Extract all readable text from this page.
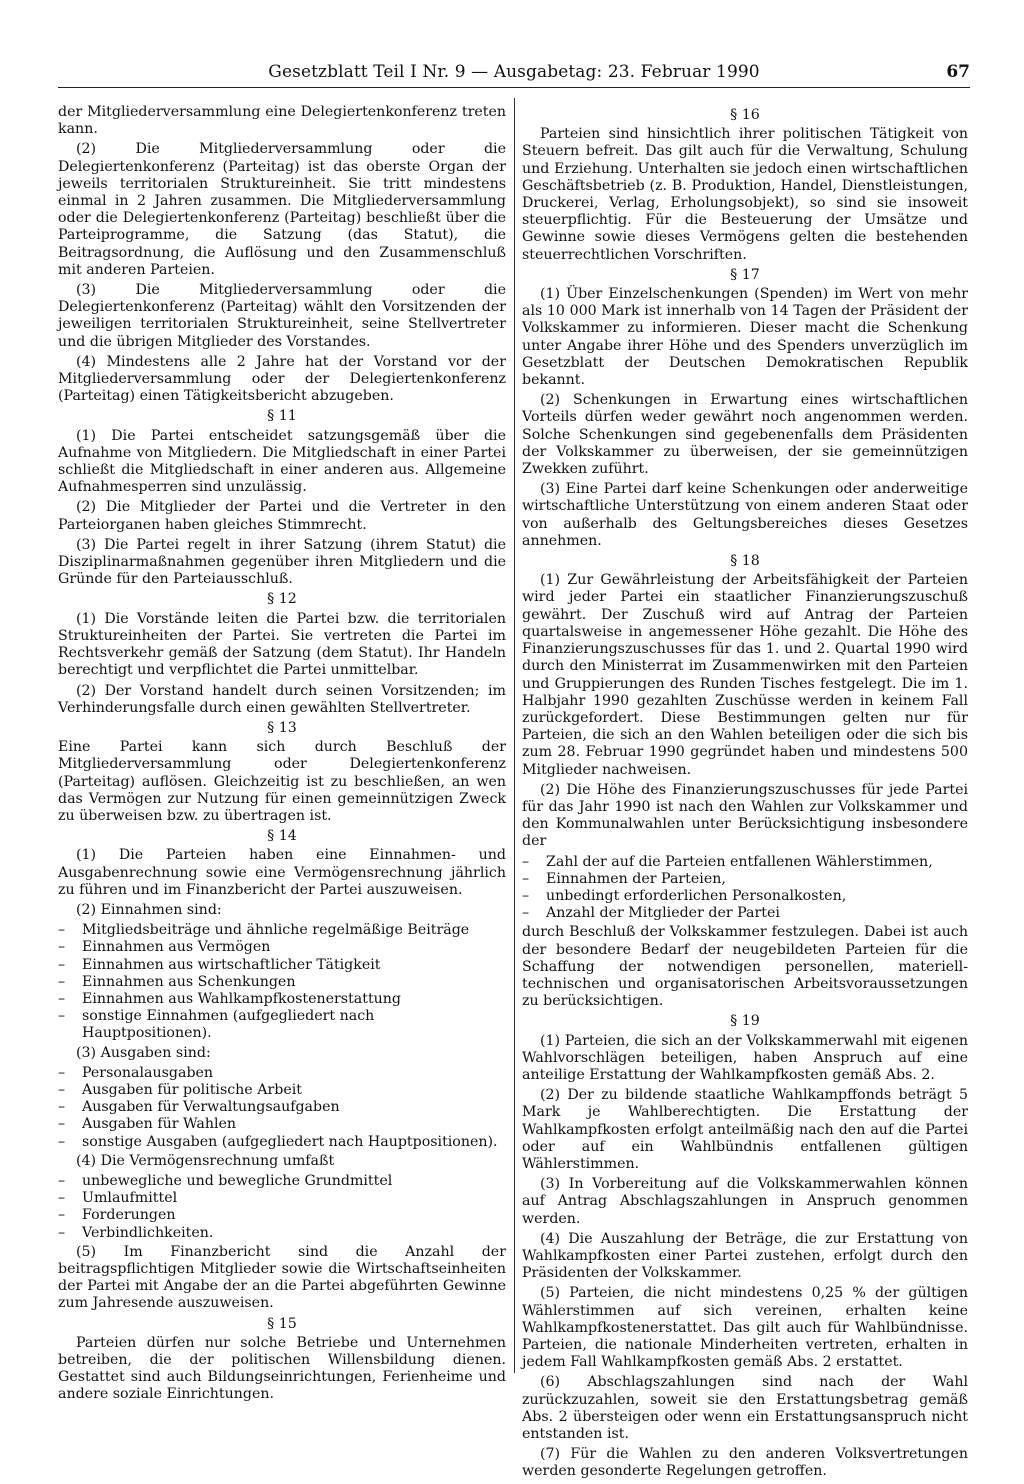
Gesetzblatt Teil I Nr. 9 — Ausgabetag: 23. Februar 1990	67

der Mitgliederversammlung eine Delegiertenkonferenz treten kann.

(2) Die Mitgliederversammlung oder die Delegiertenkonferenz (Parteitag) ist das oberste Organ der jeweils territorialen Struktureinheit. Sie tritt mindestens einmal in 2 Jahren zusammen. Die Mitgliederversammlung oder die Delegiertenkonferenz (Parteitag) beschließt über die Parteiprogramme, die Satzung (das Statut), die Beitragsordnung, die Auflösung und den Zusammenschluß mit anderen Parteien.

(3) Die Mitgliederversammlung oder die Delegiertenkonferenz (Parteitag) wählt den Vorsitzenden der jeweiligen territorialen Struktureinheit, seine Stellvertreter und die übrigen Mitglieder des Vorstandes.

(4) Mindestens alle 2 Jahre hat der Vorstand vor der Mitgliederversammlung oder der Delegiertenkonferenz (Parteitag) einen Tätigkeitsbericht abzugeben.

§ 11

(1) Die Partei entscheidet satzungsgemäß über die Aufnahme von Mitgliedern. Die Mitgliedschaft in einer Partei schließt die Mitgliedschaft in einer anderen aus. Allgemeine Aufnahmesperren sind unzulässig.

(2) Die Mitglieder der Partei und die Vertreter in den Parteiorganen haben gleiches Stimmrecht.

(3) Die Partei regelt in ihrer Satzung (ihrem Statut) die Disziplinarmaßnahmen gegenüber ihren Mitgliedern und die Gründe für den Parteiausschluß.

§ 12

(1) Die Vorstände leiten die Partei bzw. die territorialen Struktureinheiten der Partei. Sie vertreten die Partei im Rechtsverkehr gemäß der Satzung (dem Statut). Ihr Handeln berechtigt und verpflichtet die Partei unmittelbar.

(2) Der Vorstand handelt durch seinen Vorsitzenden; im Verhinderungsfalle durch einen gewählten Stellvertreter.

§ 13

Eine Partei kann sich durch Beschluß der Mitgliederversammlung oder Delegiertenkonferenz (Parteitag) auflösen. Gleichzeitig ist zu beschließen, an wen das Vermögen zur Nutzung für einen gemeinnützigen Zweck zu überweisen bzw. zu übertragen ist.

§ 14

(1) Die Parteien haben eine Einnahmen- und Ausgabenrechnung sowie eine Vermögensrechnung jährlich zu führen und im Finanzbericht der Partei auszuweisen.

(2) Einnahmen sind:

– Mitgliedsbeiträge und ähnliche regelmäßige Beiträge
– Einnahmen aus Vermögen
– Einnahmen aus wirtschaftlicher Tätigkeit
– Einnahmen aus Schenkungen
– Einnahmen aus Wahlkampfkostenerstattung
– sonstige Einnahmen (aufgegliedert nach Hauptpositionen).

(3) Ausgaben sind:

– Personalausgaben
– Ausgaben für politische Arbeit
– Ausgaben für Verwaltungsaufgaben
– Ausgaben für Wahlen
– sonstige Ausgaben (aufgegliedert nach Hauptpositionen).

(4) Die Vermögensrechnung umfaßt

– unbewegliche und bewegliche Grundmittel
– Umlaufmittel
– Forderungen
– Verbindlichkeiten.

(5) Im Finanzbericht sind die Anzahl der beitragspflichtigen Mitglieder sowie die Wirtschaftseinheiten der Partei mit Angabe der an die Partei abgeführten Gewinne zum Jahresende auszuweisen.

§ 15

Parteien dürfen nur solche Betriebe und Unternehmen betreiben, die der politischen Willensbildung dienen. Gestattet sind auch Bildungseinrichtungen, Ferienheime und andere soziale Einrichtungen.

§ 16

Parteien sind hinsichtlich ihrer politischen Tätigkeit von Steuern befreit. Das gilt auch für die Verwaltung, Schulung und Erziehung. Unterhalten sie jedoch einen wirtschaftlichen Geschäftsbetrieb (z. B. Produktion, Handel, Dienstleistungen, Druckerei, Verlag, Erholungsobjekt), so sind sie insoweit steuerpflichtig. Für die Besteuerung der Umsätze und Gewinne sowie dieses Vermögens gelten die bestehenden steuerrechtlichen Vorschriften.

§ 17

(1) Über Einzelschenkungen (Spenden) im Wert von mehr als 10 000 Mark ist innerhalb von 14 Tagen der Präsident der Volkskammer zu informieren. Dieser macht die Schenkung unter Angabe ihrer Höhe und des Spenders unverzüglich im Gesetzblatt der Deutschen Demokratischen Republik bekannt.

(2) Schenkungen in Erwartung eines wirtschaftlichen Vorteils dürfen weder gewährt noch angenommen werden. Solche Schenkungen sind gegebenenfalls dem Präsidenten der Volkskammer zu überweisen, der sie gemeinnützigen Zwekken zuführt.

(3) Eine Partei darf keine Schenkungen oder anderweitige wirtschaftliche Unterstützung von einem anderen Staat oder von außerhalb des Geltungsbereiches dieses Gesetzes annehmen.

§ 18

(1) Zur Gewährleistung der Arbeitsfähigkeit der Parteien wird jeder Partei ein staatlicher Finanzierungszuschuß gewährt. Der Zuschuß wird auf Antrag der Parteien quartalsweise in angemessener Höhe gezahlt. Die Höhe des Finanzierungszuschusses für das 1. und 2. Quartal 1990 wird durch den Ministerrat im Zusammenwirken mit den Parteien und Gruppierungen des Runden Tisches festgelegt. Die im 1. Halbjahr 1990 gezahlten Zuschüsse werden in keinem Fall zurückgefordert. Diese Bestimmungen gelten nur für Parteien, die sich an den Wahlen beteiligen oder die sich bis zum 28. Februar 1990 gegründet haben und mindestens 500 Mitglieder nachweisen.

(2) Die Höhe des Finanzierungszuschusses für jede Partei für das Jahr 1990 ist nach den Wahlen zur Volkskammer und den Kommunalwahlen unter Berücksichtigung insbesondere der

– Zahl der auf die Parteien entfallenen Wählerstimmen,
– Einnahmen der Parteien,
– unbedingt erforderlichen Personalkosten,
– Anzahl der Mitglieder der Partei

durch Beschluß der Volkskammer festzulegen. Dabei ist auch der besondere Bedarf der neugebildeten Parteien für die Schaffung der notwendigen personellen, materiell-technischen und organisatorischen Arbeitsvoraussetzungen zu berücksichtigen.

§ 19

(1) Parteien, die sich an der Volkskammerwahl mit eigenen Wahlvorschlägen beteiligen, haben Anspruch auf eine anteilige Erstattung der Wahlkampfkosten gemäß Abs. 2.

(2) Der zu bildende staatliche Wahlkampffonds beträgt 5 Mark je Wahlberechtigten. Die Erstattung der Wahlkampfkosten erfolgt anteilmäßig nach den auf die Partei oder auf ein Wahlbündnis entfallenen gültigen Wählerstimmen.

(3) In Vorbereitung auf die Volkskammerwahlen können auf Antrag Abschlagszahlungen in Anspruch genommen werden.

(4) Die Auszahlung der Beträge, die zur Erstattung von Wahlkampfkosten einer Partei zustehen, erfolgt durch den Präsidenten der Volkskammer.

(5) Parteien, die nicht mindestens 0,25 % der gültigen Wählerstimmen auf sich vereinen, erhalten keine Wahlkampfkostenerstattet. Das gilt auch für Wahlbündnisse. Parteien, die nationale Minderheiten vertreten, erhalten in jedem Fall Wahlkampfkosten gemäß Abs. 2 erstattet.

(6) Abschlagszahlungen sind nach der Wahl zurückzuzahlen, soweit sie den Erstattungsbetrag gemäß Abs. 2 übersteigen oder wenn ein Erstattungsanspruch nicht entstanden ist.

(7) Für die Wahlen zu den anderen Volksvertretungen werden gesonderte Regelungen getroffen.
